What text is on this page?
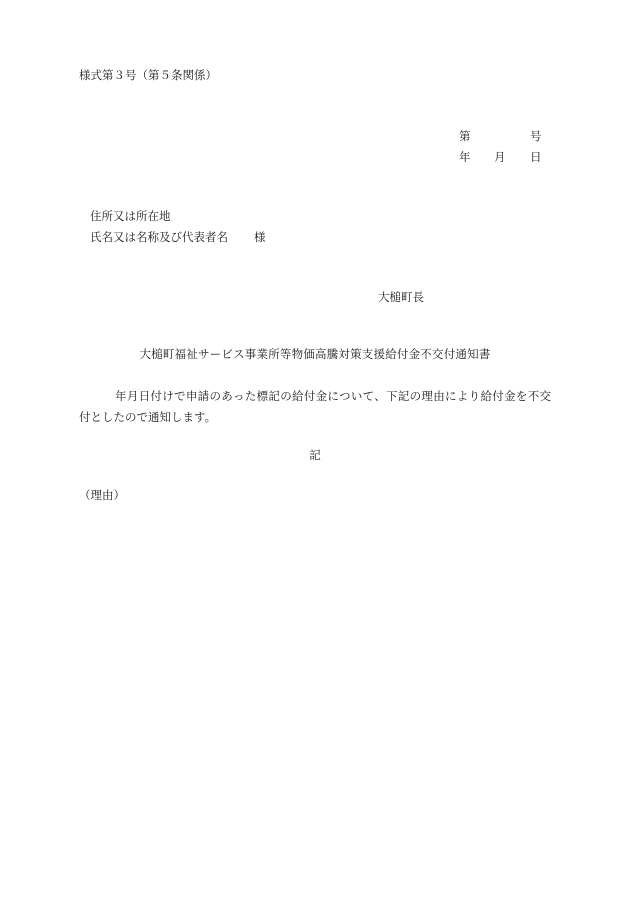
様式第３号（第５条関係）
第	号
年 月 日
住所又は所在地
氏名又は名称及び代表者名 様
大槌町長
大槌町福祉サービス事業所等物価高騰対策支援給付金不交付通知書
年月日付けで申請のあった標記の給付金について、下記の理由により給付金を不交付としたので通知します。
記
（理由）
